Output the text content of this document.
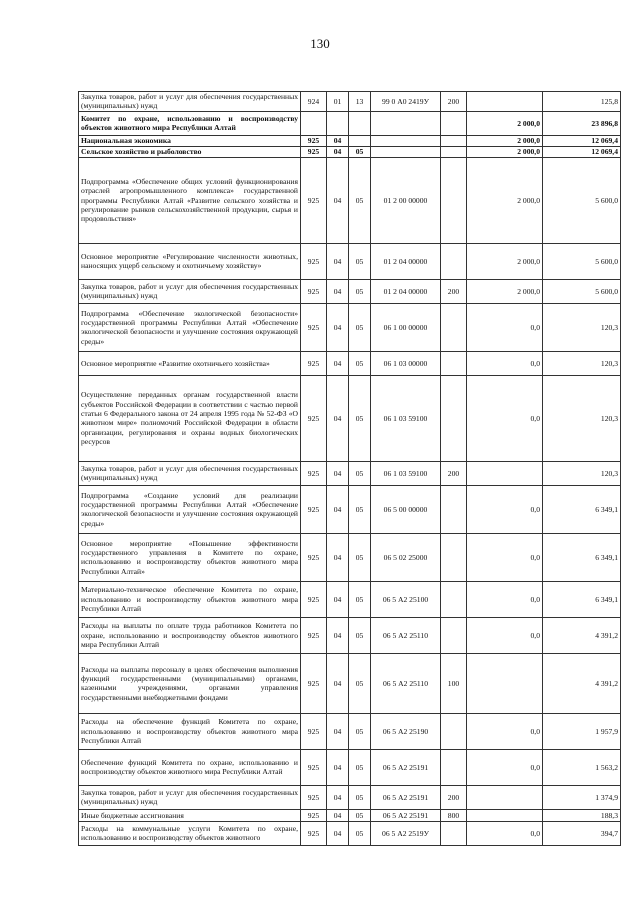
130
Закупка товаров, работ и услуг для обеспечения государственных (муниципальных) нужд	924	01	13	99 0 А0 2419У	200		125,8
Комитет по охране, использованию и воспроизводству объектов животного мира Республики Алтай						2 000,0	23 896,8
Национальная экономика	925	04				2 000,0	12 069,4
Сельское хозяйство и рыболовство	925	04	05			2 000,0	12 069,4
Подпрограмма «Обеспечение общих условий функционирования отраслей агропромышленного комплекса» государственной программы Республики Алтай «Развитие сельского хозяйства и регулирование рынков сельскохозяйственной продукции, сырья и продовольствия»	925	04	05	01 2 00 00000		2 000,0	5 600,0
Основное мероприятие «Регулирование численности животных, наносящих ущерб сельскому и охотничьему хозяйству»	925	04	05	01 2 04 00000		2 000,0	5 600,0
Закупка товаров, работ и услуг для обеспечения государственных (муниципальных) нужд	925	04	05	01 2 04 00000	200	2 000,0	5 600,0
Подпрограмма «Обеспечение экологической безопасности» государственной программы Республики Алтай «Обеспечение экологической безопасности и улучшение состояния окружающей среды»	925	04	05	06 1 00 00000		0,0	120,3
Основное мероприятие «Развитие охотничьего хозяйства»	925	04	05	06 1 03 00000		0,0	120,3
Осуществление переданных органам государственной власти субъектов Российской Федерации в соответствии с частью первой статьи 6 Федерального закона от 24 апреля 1995 года № 52-ФЗ «О животном мире» полномочий Российской Федерации в области организации, регулирования и охраны водных биологических ресурсов	925	04	05	06 1 03 59100		0,0	120,3
Закупка товаров, работ и услуг для обеспечения государственных (муниципальных) нужд	925	04	05	06 1 03 59100	200		120,3
Подпрограмма «Создание условий для реализации государственной программы Республики Алтай «Обеспечение экологической безопасности и улучшение состояния окружающей среды»	925	04	05	06 5 00 00000		0,0	6 349,1
Основное мероприятие «Повышение эффективности государственного управления в Комитете по охране, использованию и воспроизводству объектов животного мира Республики Алтай»	925	04	05	06 5 02 25000		0,0	6 349,1
Материально-техническое обеспечение Комитета по охране, использованию и воспроизводству объектов животного мира Республики Алтай	925	04	05	06 5 А2 25100		0,0	6 349,1
Расходы на выплаты по оплате труда работников Комитета по охране, использованию и воспроизводству объектов животного мира Республики Алтай	925	04	05	06 5 А2 25110		0,0	4 391,2
Расходы на выплаты персоналу в целях обеспечения выполнения функций государственными (муниципальными) органами, казенными учреждениями, органами управления государственными внебюджетными фондами	925	04	05	06 5 А2 25110	100		4 391,2
Расходы на обеспечение функций Комитета по охране, использованию и воспроизводству объектов животного мира Республики Алтай	925	04	05	06 5 А2 25190		0,0	1 957,9
Обеспечение функций Комитета по охране, использованию и воспроизводству объектов животного мира Республики Алтай	925	04	05	06 5 А2 25191		0,0	1 563,2
Закупка товаров, работ и услуг для обеспечения государственных (муниципальных) нужд	925	04	05	06 5 А2 25191	200		1 374,9
Иные бюджетные ассигнования	925	04	05	06 5 А2 25191	800		188,3
Расходы на коммунальные услуги Комитета по охране, использованию и воспроизводству объектов животного	925	04	05	06 5 А2 2519У		0,0	394,7
